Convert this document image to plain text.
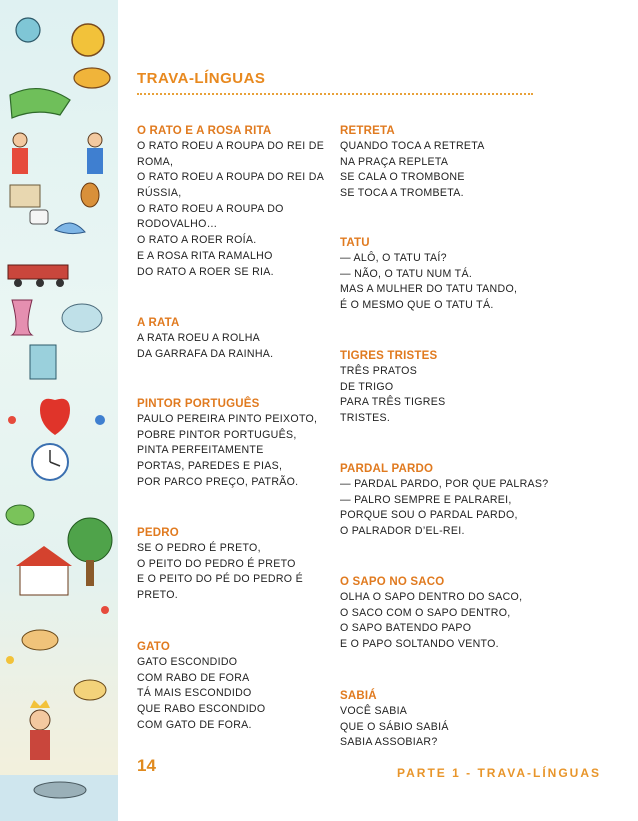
TRAVA-LÍNGUAS
O RATO E A ROSA RITA
O RATO ROEU A ROUPA DO REI DE
ROMA,
O RATO ROEU A ROUPA DO REI DA
RÚSSIA,
O RATO ROEU A ROUPA DO
RODOVALHO…
O RATO A ROER ROÍA.
E A ROSA RITA RAMALHO
DO RATO A ROER SE RIA.
A RATA
A RATA ROEU A ROLHA
DA GARRAFA DA RAINHA.
PINTOR PORTUGUÊS
PAULO PEREIRA PINTO PEIXOTO,
POBRE PINTOR PORTUGUÊS,
PINTA PERFEITAMENTE
PORTAS, PAREDES E PIAS,
POR PARCO PREÇO, PATRÃO.
PEDRO
SE O PEDRO É PRETO,
O PEITO DO PEDRO É PRETO
E O PEITO DO PÉ DO PEDRO É
PRETO.
GATO
GATO ESCONDIDO
COM RABO DE FORA
TÁ MAIS ESCONDIDO
QUE RABO ESCONDIDO
COM GATO DE FORA.
RETRETA
QUANDO TOCA A RETRETA
NA PRAÇA REPLETA
SE CALA O TROMBONE
SE TOCA A TROMBETA.
TATU
— ALÔ, O TATU TAÍ?
— NÃO, O TATU NUM TÁ.
MAS A MULHER DO TATU TANDO,
É O MESMO QUE O TATU TÁ.
TIGRES TRISTES
TRÊS PRATOS
DE TRIGO
PARA TRÊS TIGRES
TRISTES.
PARDAL PARDO
— PARDAL PARDO, POR QUE PALRAS?
— PALRO SEMPRE E PALRAREI,
PORQUE SOU O PARDAL PARDO,
O PALRADOR D’EL-REI.
O SAPO NO SACO
OLHA O SAPO DENTRO DO SACO,
O SACO COM O SAPO DENTRO,
O SAPO BATENDO PAPO
E O PAPO SOLTANDO VENTO.
SABIÁ
VOCÊ SABIA
QUE O SÁBIO SABIÁ
SABIA ASSOBIAR?
14	PARTE 1 - TRAVA-LÍNGUAS
